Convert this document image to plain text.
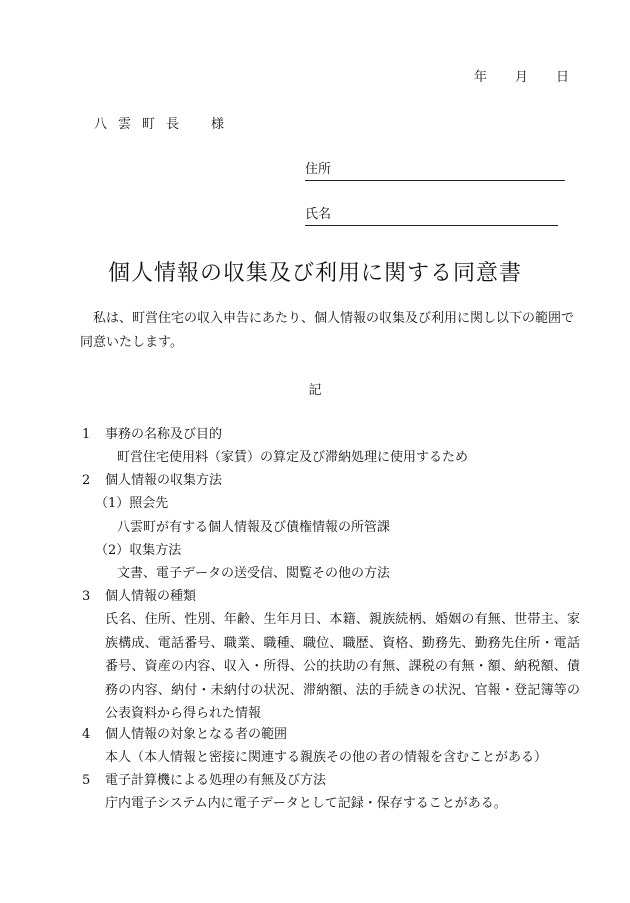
年 月 日
八 雲 町 長 様
住所
氏名
個人情報の収集及び利用に関する同意書
私は、町営住宅の収入申告にあたり、個人情報の収集及び利用に関し以下の範囲で同意いたします。
記
1 事務の名称及び目的
町営住宅使用料（家賃）の算定及び滞納処理に使用するため
2 個人情報の収集方法
（1）照会先
八雲町が有する個人情報及び債権情報の所管課
（2）収集方法
文書、電子データの送受信、閲覧その他の方法
3 個人情報の種類
氏名、住所、性別、年齢、生年月日、本籍、親族続柄、婚姻の有無、世帯主、家族構成、電話番号、職業、職種、職位、職歴、資格、勤務先、勤務先住所・電話番号、資産の内容、収入・所得、公的扶助の有無、課税の有無・額、納税額、債務の内容、納付・未納付の状況、滞納額、法的手続きの状況、官報・登記簿等の公表資料から得られた情報
4 個人情報の対象となる者の範囲
本人（本人情報と密接に関連する親族その他の者の情報を含むことがある）
5 電子計算機による処理の有無及び方法
庁内電子システム内に電子データとして記録・保存することがある。
